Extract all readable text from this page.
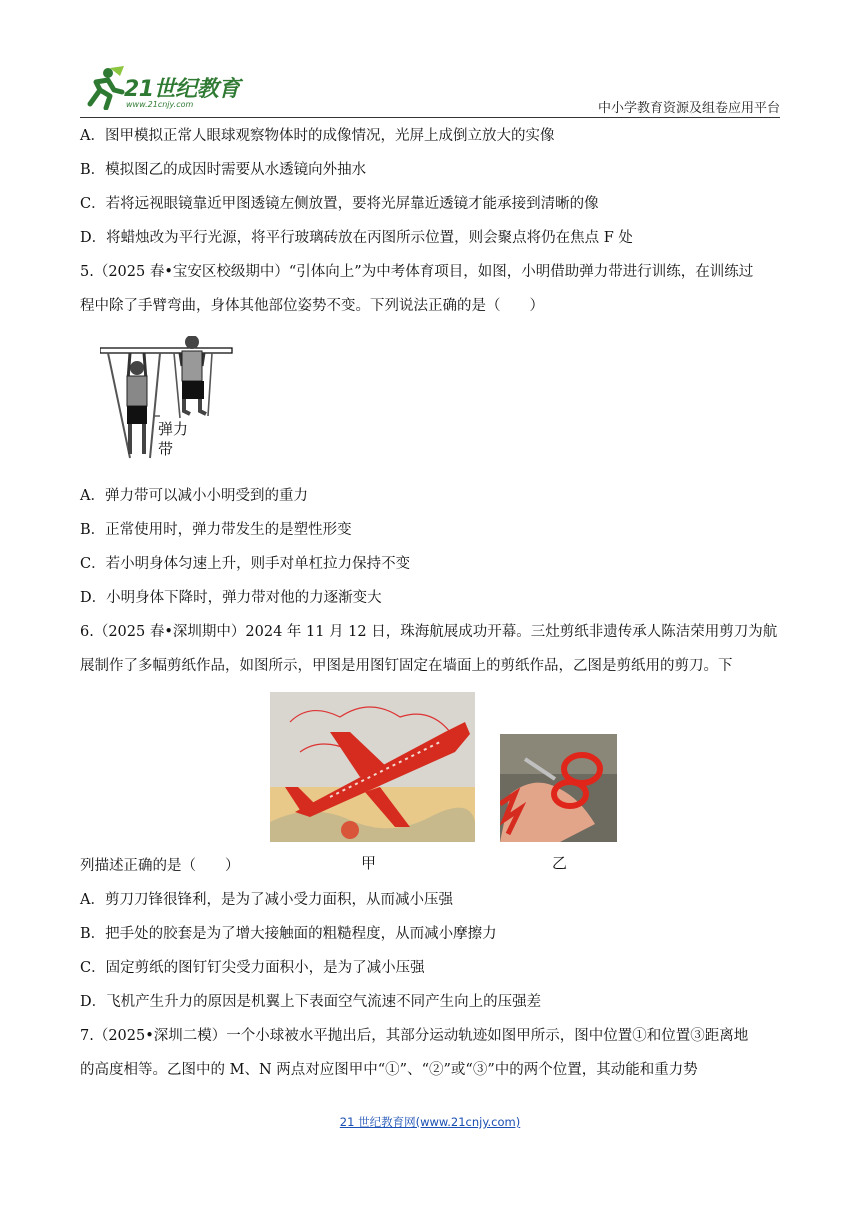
21世纪教育
www.21cnjy.com	中小学教育资源及组卷应用平台
A．图甲模拟正常人眼球观察物体时的成像情况，光屏上成倒立放大的实像
B．模拟图乙的成因时需要从水透镜向外抽水
C．若将远视眼镜靠近甲图透镜左侧放置，要将光屏靠近透镜才能承接到清晰的像
D．将蜡烛改为平行光源，将平行玻璃砖放在丙图所示位置，则会聚点将仍在焦点 F 处
5.（2025 春•宝安区校级期中）“引体向上”为中考体育项目，如图，小明借助弹力带进行训练，在训练过
程中除了手臂弯曲，身体其他部位姿势不变。下列说法正确的是（　　）
弹力
带
A．弹力带可以减小小明受到的重力
B．正常使用时，弹力带发生的是塑性形变
C．若小明身体匀速上升，则手对单杠拉力保持不变
D．小明身体下降时，弹力带对他的力逐渐变大
6.（2025 春•深圳期中）2024 年 11 月 12 日，珠海航展成功开幕。三灶剪纸非遗传承人陈洁荣用剪刀为航
展制作了多幅剪纸作品，如图所示，甲图是用图钉固定在墙面上的剪纸作品，乙图是剪纸用的剪刀。下
甲	乙
列描述正确的是（　　）
A．剪刀刀锋很锋利，是为了减小受力面积，从而减小压强
B．把手处的胶套是为了增大接触面的粗糙程度，从而减小摩擦力
C．固定剪纸的图钉钉尖受力面积小，是为了减小压强
D．飞机产生升力的原因是机翼上下表面空气流速不同产生向上的压强差
7.（2025•深圳二模）一个小球被水平抛出后，其部分运动轨迹如图甲所示，图中位置①和位置③距离地
的高度相等。乙图中的 M、N 两点对应图甲中“①”、“②”或“③”中的两个位置，其动能和重力势
21 世纪教育网(www.21cnjy.com)
